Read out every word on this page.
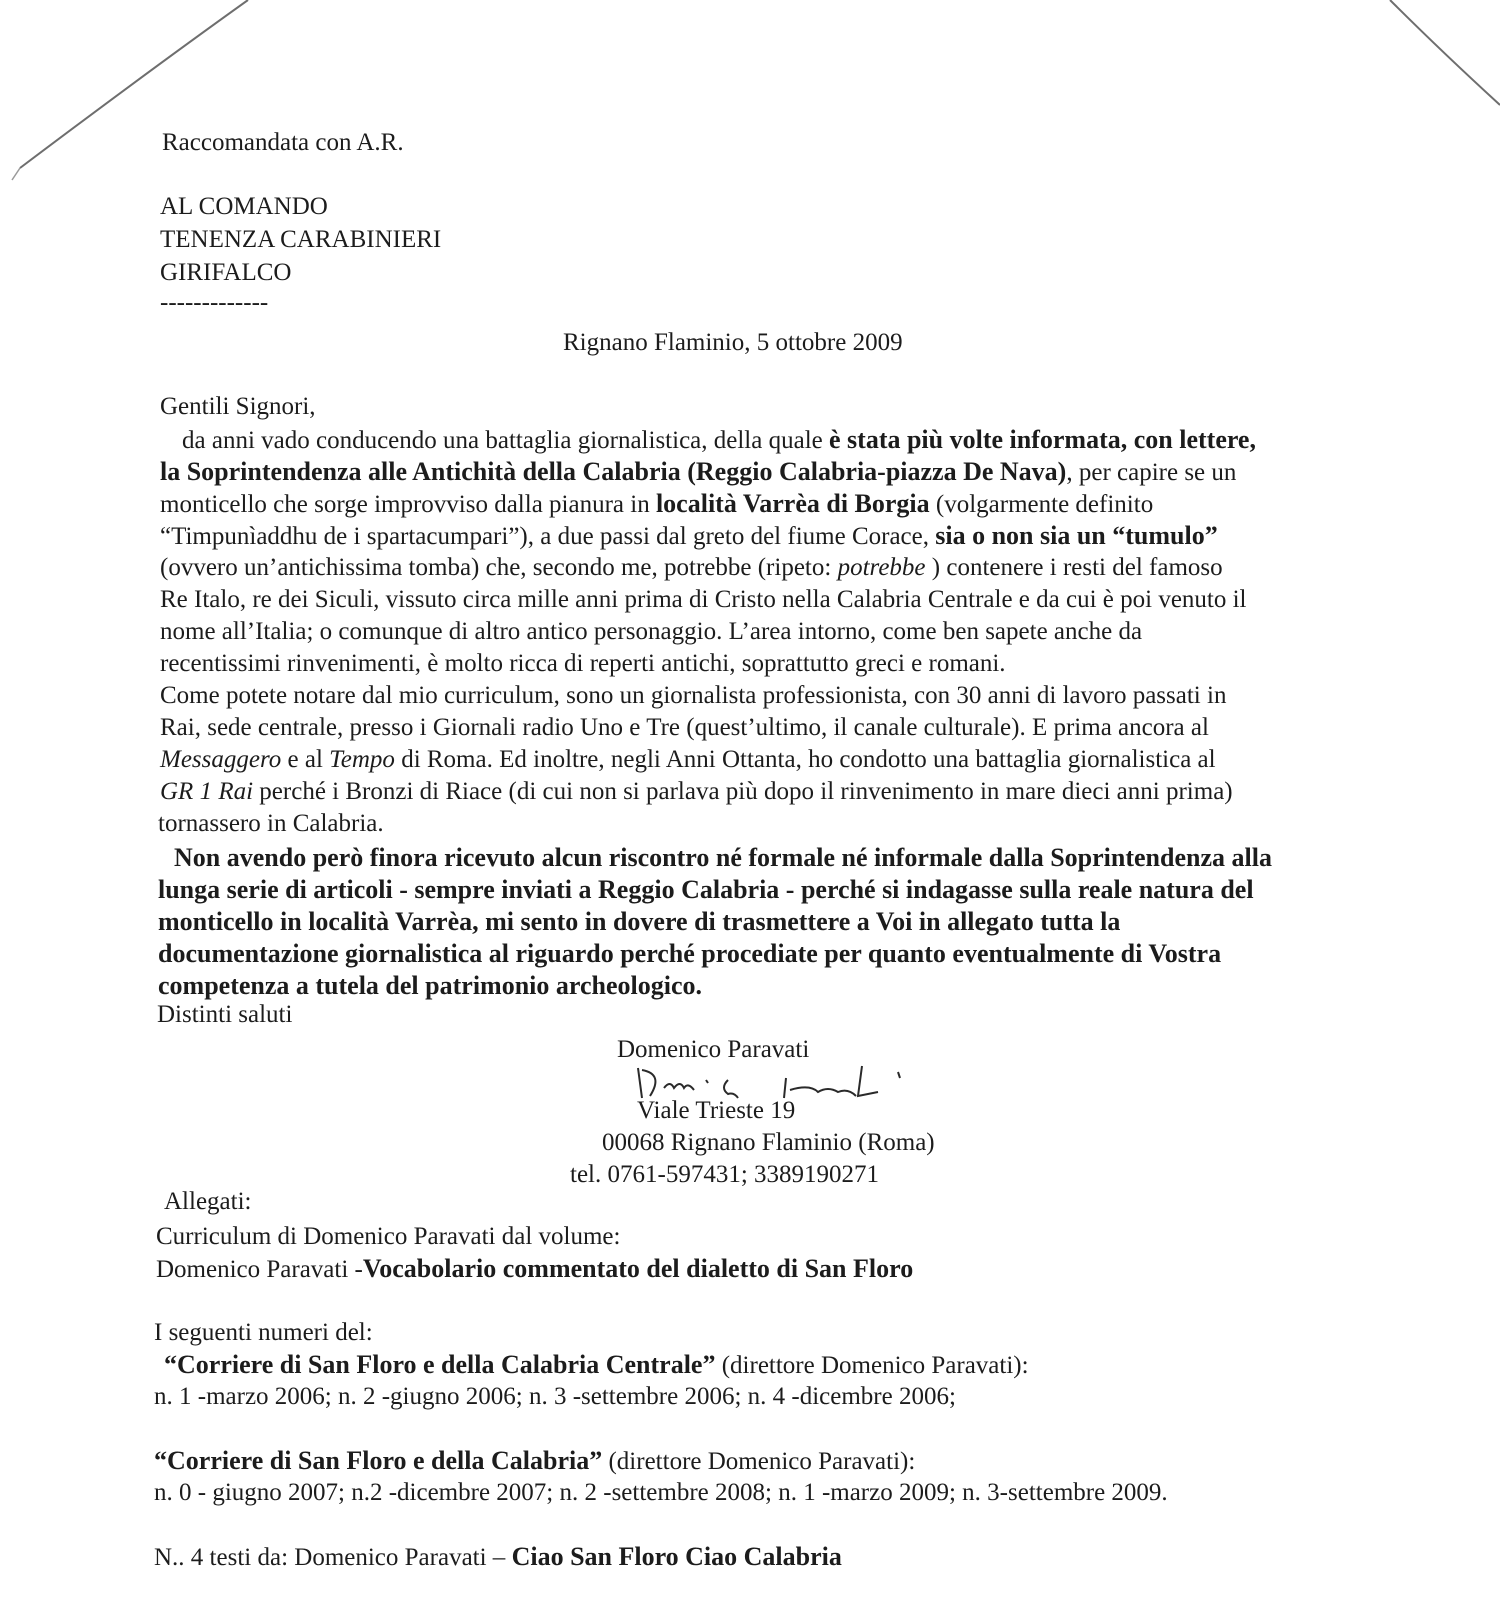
Raccomandata con A.R.
AL COMANDO
TENENZA CARABINIERI
GIRIFALCO
-------------
Rignano Flaminio, 5 ottobre 2009
Gentili Signori,
da anni vado conducendo una battaglia giornalistica, della quale è stata più volte informata, con lettere,
la Soprintendenza alle Antichità della Calabria (Reggio Calabria-piazza De Nava), per capire se un
monticello che sorge improvviso dalla pianura in località Varrèa di Borgia (volgarmente definito
“Timpunìaddhu de i spartacumpari”), a due passi dal greto del fiume Corace, sia o non sia un “tumulo”
(ovvero un’antichissima tomba) che, secondo me, potrebbe (ripeto: potrebbe ) contenere i resti del famoso
Re Italo, re dei Siculi, vissuto circa mille anni prima di Cristo nella Calabria Centrale e da cui è poi venuto il
nome all’Italia; o comunque di altro antico personaggio. L’area intorno, come ben sapete anche da
recentissimi rinvenimenti, è molto ricca di reperti antichi, soprattutto greci e romani.
Come potete notare dal mio curriculum, sono un giornalista professionista, con 30 anni di lavoro passati in
Rai, sede centrale, presso i Giornali radio Uno e Tre (quest’ultimo, il canale culturale). E prima ancora al
Messaggero e al Tempo di Roma. Ed inoltre, negli Anni Ottanta, ho condotto una battaglia giornalistica al
GR 1 Rai perché i Bronzi di Riace (di cui non si parlava più dopo il rinvenimento in mare dieci anni prima)
tornassero in Calabria.
Non avendo però finora ricevuto alcun riscontro né formale né informale dalla Soprintendenza alla
lunga serie di articoli - sempre inviati a Reggio Calabria - perché si indagasse sulla reale natura del
monticello in località Varrèa, mi sento in dovere di trasmettere a Voi in allegato tutta la
documentazione giornalistica al riguardo perché procediate per quanto eventualmente di Vostra
competenza a tutela del patrimonio archeologico.
Distinti saluti
Domenico Paravati
Viale Trieste 19
00068 Rignano Flaminio (Roma)
tel. 0761-597431; 3389190271
Allegati:
Curriculum di Domenico Paravati dal volume:
Domenico Paravati -Vocabolario commentato del dialetto di San Floro
I seguenti numeri del:
“Corriere di San Floro e della Calabria Centrale” (direttore Domenico Paravati):
n. 1 -marzo 2006; n. 2 -giugno 2006; n. 3 -settembre 2006; n. 4 -dicembre 2006;
“Corriere di San Floro e della Calabria” (direttore Domenico Paravati):
n. 0 - giugno 2007; n.2 -dicembre 2007; n. 2 -settembre 2008; n. 1 -marzo 2009; n. 3-settembre 2009.
N.. 4 testi da: Domenico Paravati – Ciao San Floro Ciao Calabria
